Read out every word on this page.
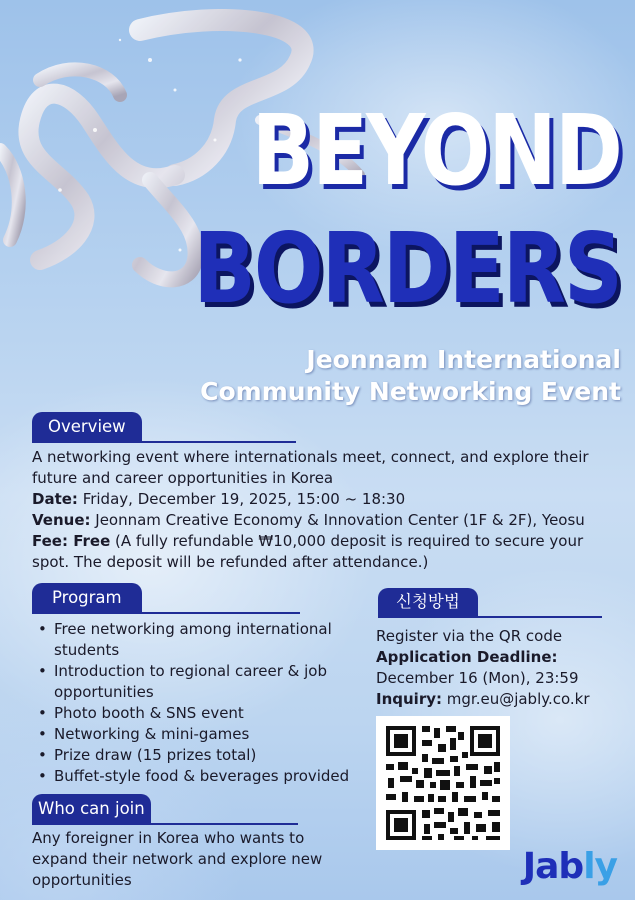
BEYOND
BORDERS
Jeonnam International
Community Networking Event
Overview

A networking event where internationals meet, connect, and explore their future and career opportunities in Korea

Date: Friday, December 19, 2025, 15:00 ~ 18:30

Venue: Jeonnam Creative Economy & Innovation Center (1F & 2F), Yeosu

Fee: Free (A fully refundable ₩10,000 deposit is required to secure your spot. The deposit will be refunded after attendance.)

Program
• Free networking among international students
• Introduction to regional career & job opportunities
• Photo booth & SNS event
• Networking & mini-games
• Prize draw (15 prizes total)
• Buffet-style food & beverages provided
Who can join
Any foreigner in Korea who wants to expand their network and explore new opportunities
신청방법

Register via the QR code

Application Deadline:

December 16 (Mon), 23:59

Inquiry: mgr.eu@jably.co.kr

Jably
